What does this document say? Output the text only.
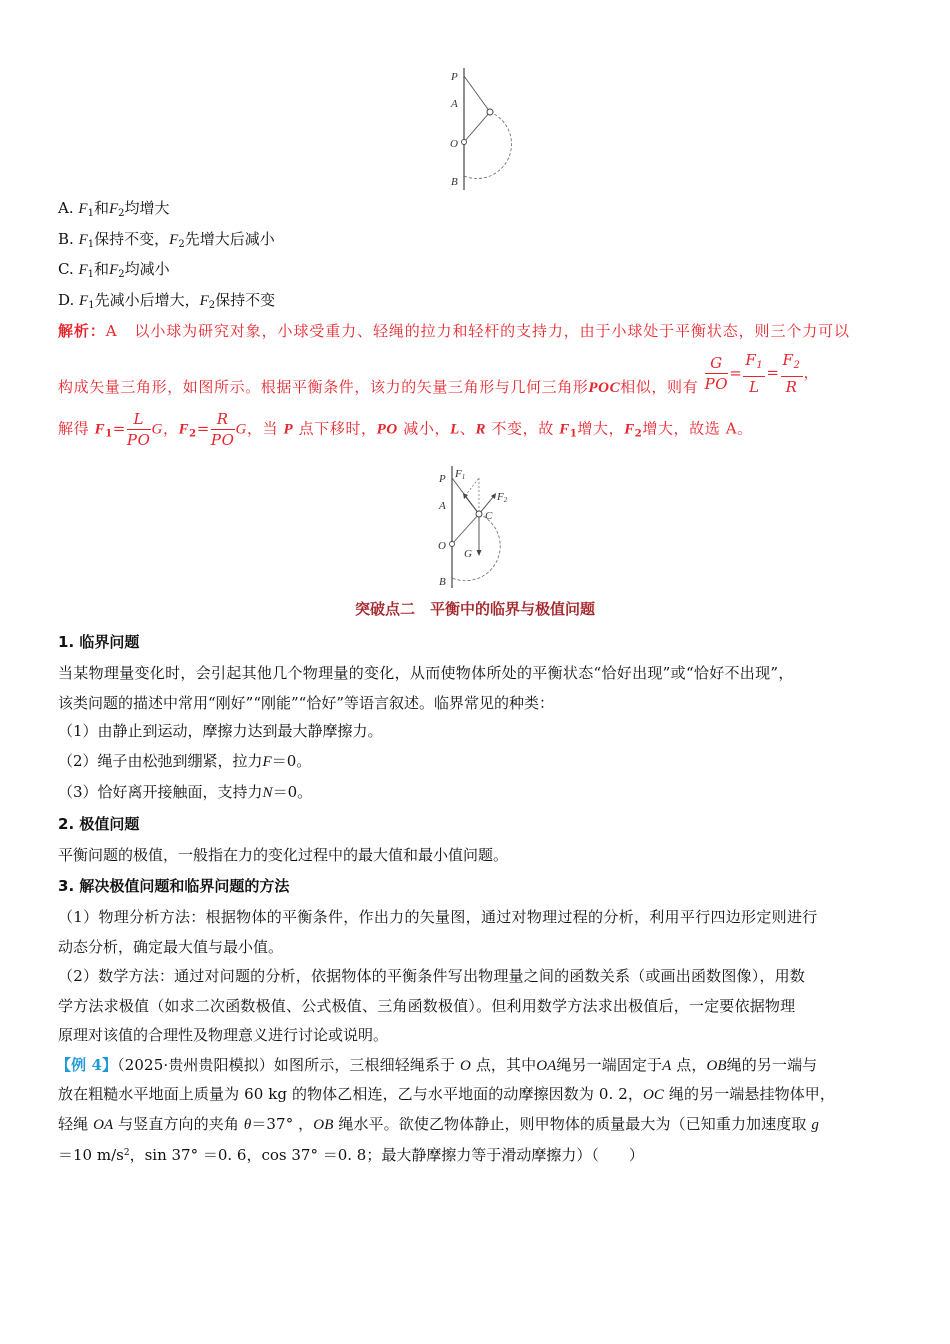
P
A
O
B
A. $F_1$和$F_2$均增大
B. $F_1$保持不变，$F_2$先增大后减小
C. $F_1$和$F_2$均减小
D. $F_1$先减小后增大，$F_2$保持不变
解析：A 以小球为研究对象，小球受重力、轻绳的拉力和轻杆的支持力，由于小球处于平衡状态，则三个力可以
构成矢量三角形，如图所示。根据平衡条件，该力的矢量三角形与几何三角形POC相似，则有 $\frac{G}{PO} = \frac{F_1}{L} = \frac{F_2}{R}$ ，
解得 $F_1= \frac{L}{PO}$ G，$F_2= \frac{R}{PO}$ G，当 P 点下移时，PO 减小，L、R 不变，故 $F_1$增大，$F_2$增大，故选 A。
P
A
O
B
C
G
F1
F2
突破点二　平衡中的临界与极值问题
1. 临界问题
当某物理量变化时，会引起其他几个物理量的变化，从而使物体所处的平衡状态“恰好出现”或“恰好不出现”，
该类问题的描述中常用“刚好”“刚能”“恰好”等语言叙述。临界常见的种类：
（1）由静止到运动，摩擦力达到最大静摩擦力。
（2）绳子由松弛到绷紧，拉力F＝0。
（3）恰好离开接触面，支持力N＝0。
2. 极值问题
平衡问题的极值，一般指在力的变化过程中的最大值和最小值问题。
3. 解决极值问题和临界问题的方法
（1）物理分析方法：根据物体的平衡条件，作出力的矢量图，通过对物理过程的分析，利用平行四边形定则进行
动态分析，确定最大值与最小值。
（2）数学方法：通过对问题的分析，依据物体的平衡条件写出物理量之间的函数关系（或画出函数图像），用数
学方法求极值（如求二次函数极值、公式极值、三角函数极值）。但利用数学方法求出极值后，一定要依据物理
原理对该值的合理性及物理意义进行讨论或说明。
【例 4】（2025·贵州贵阳模拟）如图所示，三根细轻绳系于 O 点，其中OA绳另一端固定于A 点，OB绳的另一端与
放在粗糙水平地面上质量为 60 kg 的物体乙相连，乙与水平地面的动摩擦因数为 0. 2，OC 绳的另一端悬挂物体甲，
轻绳 OA 与竖直方向的夹角 θ＝37° ，OB 绳水平。欲使乙物体静止，则甲物体的质量最大为（已知重力加速度取 g
＝10 $m/s^2$，sin 37° ＝0. 6，cos 37° ＝0. 8；最大静摩擦力等于滑动摩擦力）（　　）
